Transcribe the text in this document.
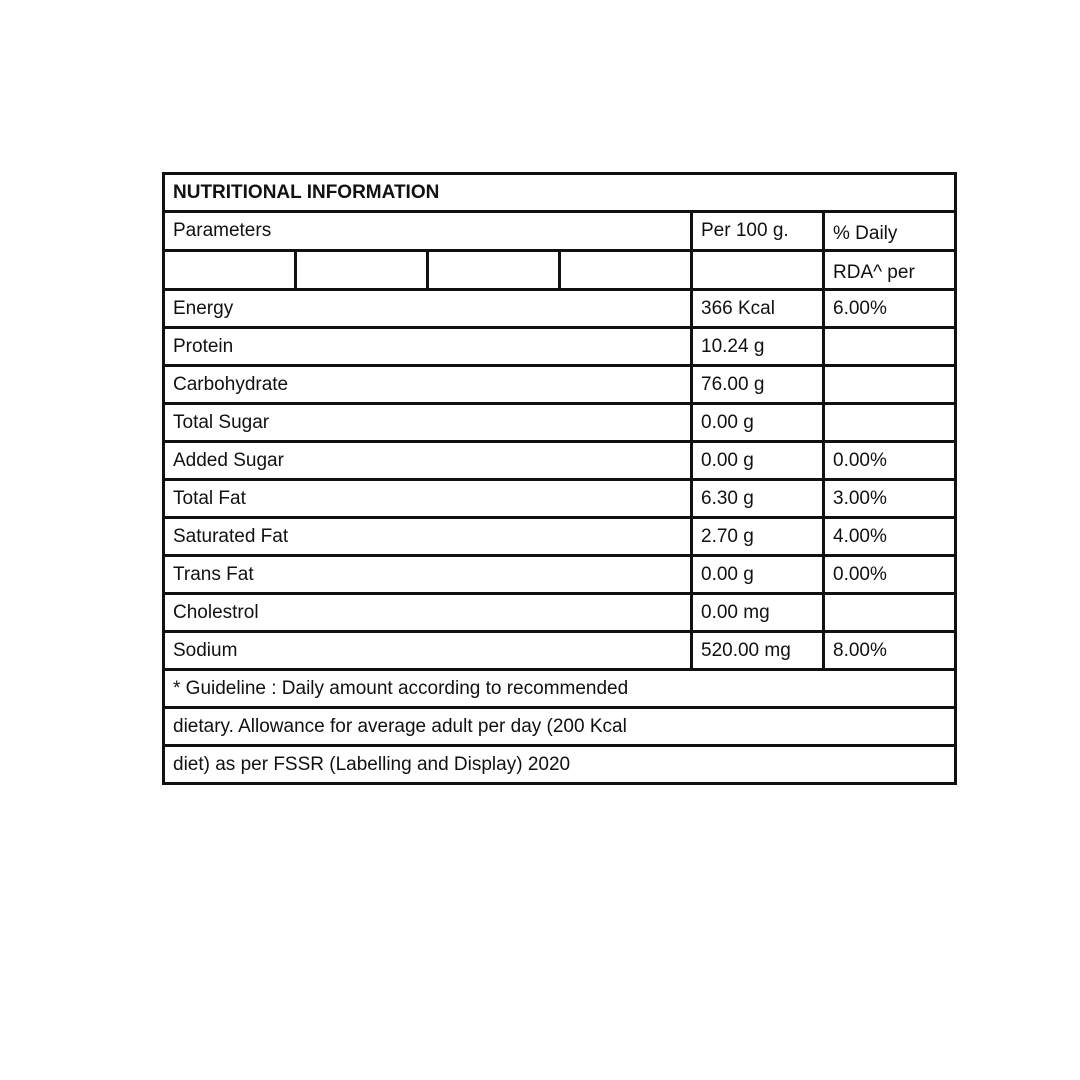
NUTRITIONAL INFORMATION					
Parameters				Per 100 g.	% Daily

					RDA^ per

Energy				366 Kcal	6.00%
Protein				10.24 g	
Carbohydrate				76.00 g	
Total Sugar				0.00 g	
Added Sugar				0.00 g	0.00%
Total Fat				6.30 g	3.00%
Saturated Fat				2.70 g	4.00%
Trans Fat				0.00 g	0.00%
Cholestrol				0.00 mg	
Sodium				520.00 mg	8.00%
* Guideline : Daily amount according to recommended					
dietary. Allowance for average adult per day (200 Kcal					
diet) as per FSSR (Labelling and Display) 2020					
